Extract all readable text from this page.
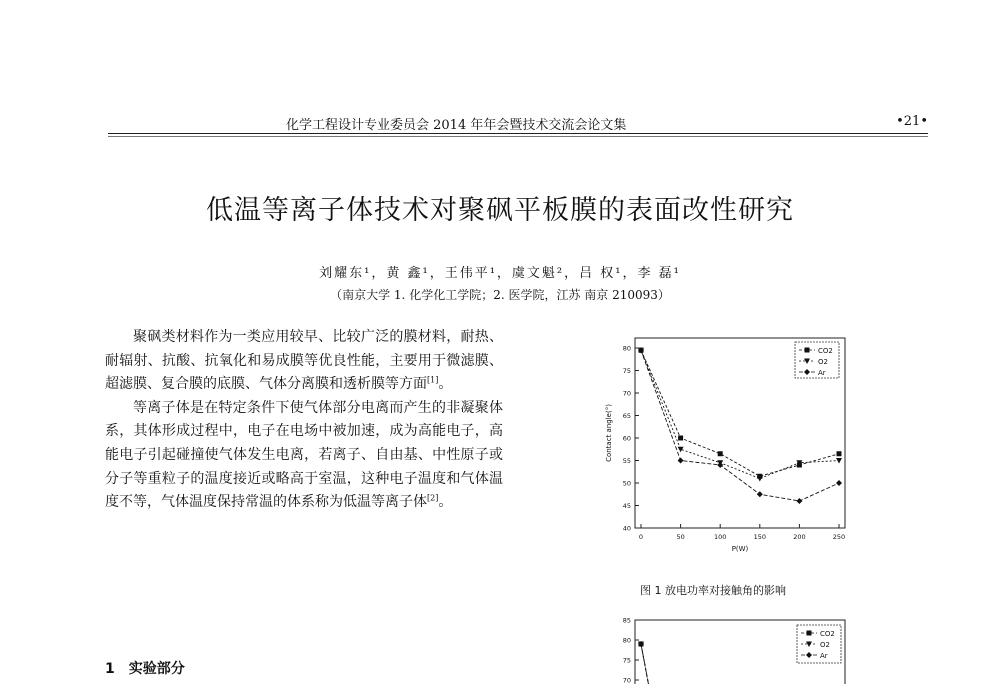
化学工程设计专业委员会 2014 年年会暨技术交流会论文集	•21•
低温等离子体技术对聚砜平板膜的表面改性研究
刘耀东¹，黄 鑫¹，王伟平¹，虞文魁²，吕 权¹，李 磊¹
（南京大学 1. 化学化工学院；2. 医学院，江苏 南京 210093）

聚砜类材料作为一类应用较早、比较广泛的膜材料，耐热、耐辐射、抗酸、抗氧化和易成膜等优良性能，主要用于微滤膜、超滤膜、复合膜的底膜、气体分离膜和透析膜等方面[1]。

等离子体是在特定条件下使气体部分电离而产生的非凝聚体系，其体形成过程中，电子在电场中被加速，成为高能电子，高能电子引起碰撞使气体发生电离，若离子、自由基、中性原子或分子等重粒子的温度接近或略高于室温，这种电子温度和气体温度不等，气体温度保持常温的体系称为低温等离子体[2]。

1 实验部分
40
45
50
55
60
65
70
75
80
0	50	100	150	200	250
P(W)
Contact angle(°)
CO2
O2
Ar
图 1 放电功率对接触角的影响
85
80
75
70
CO2
O2
Ar
